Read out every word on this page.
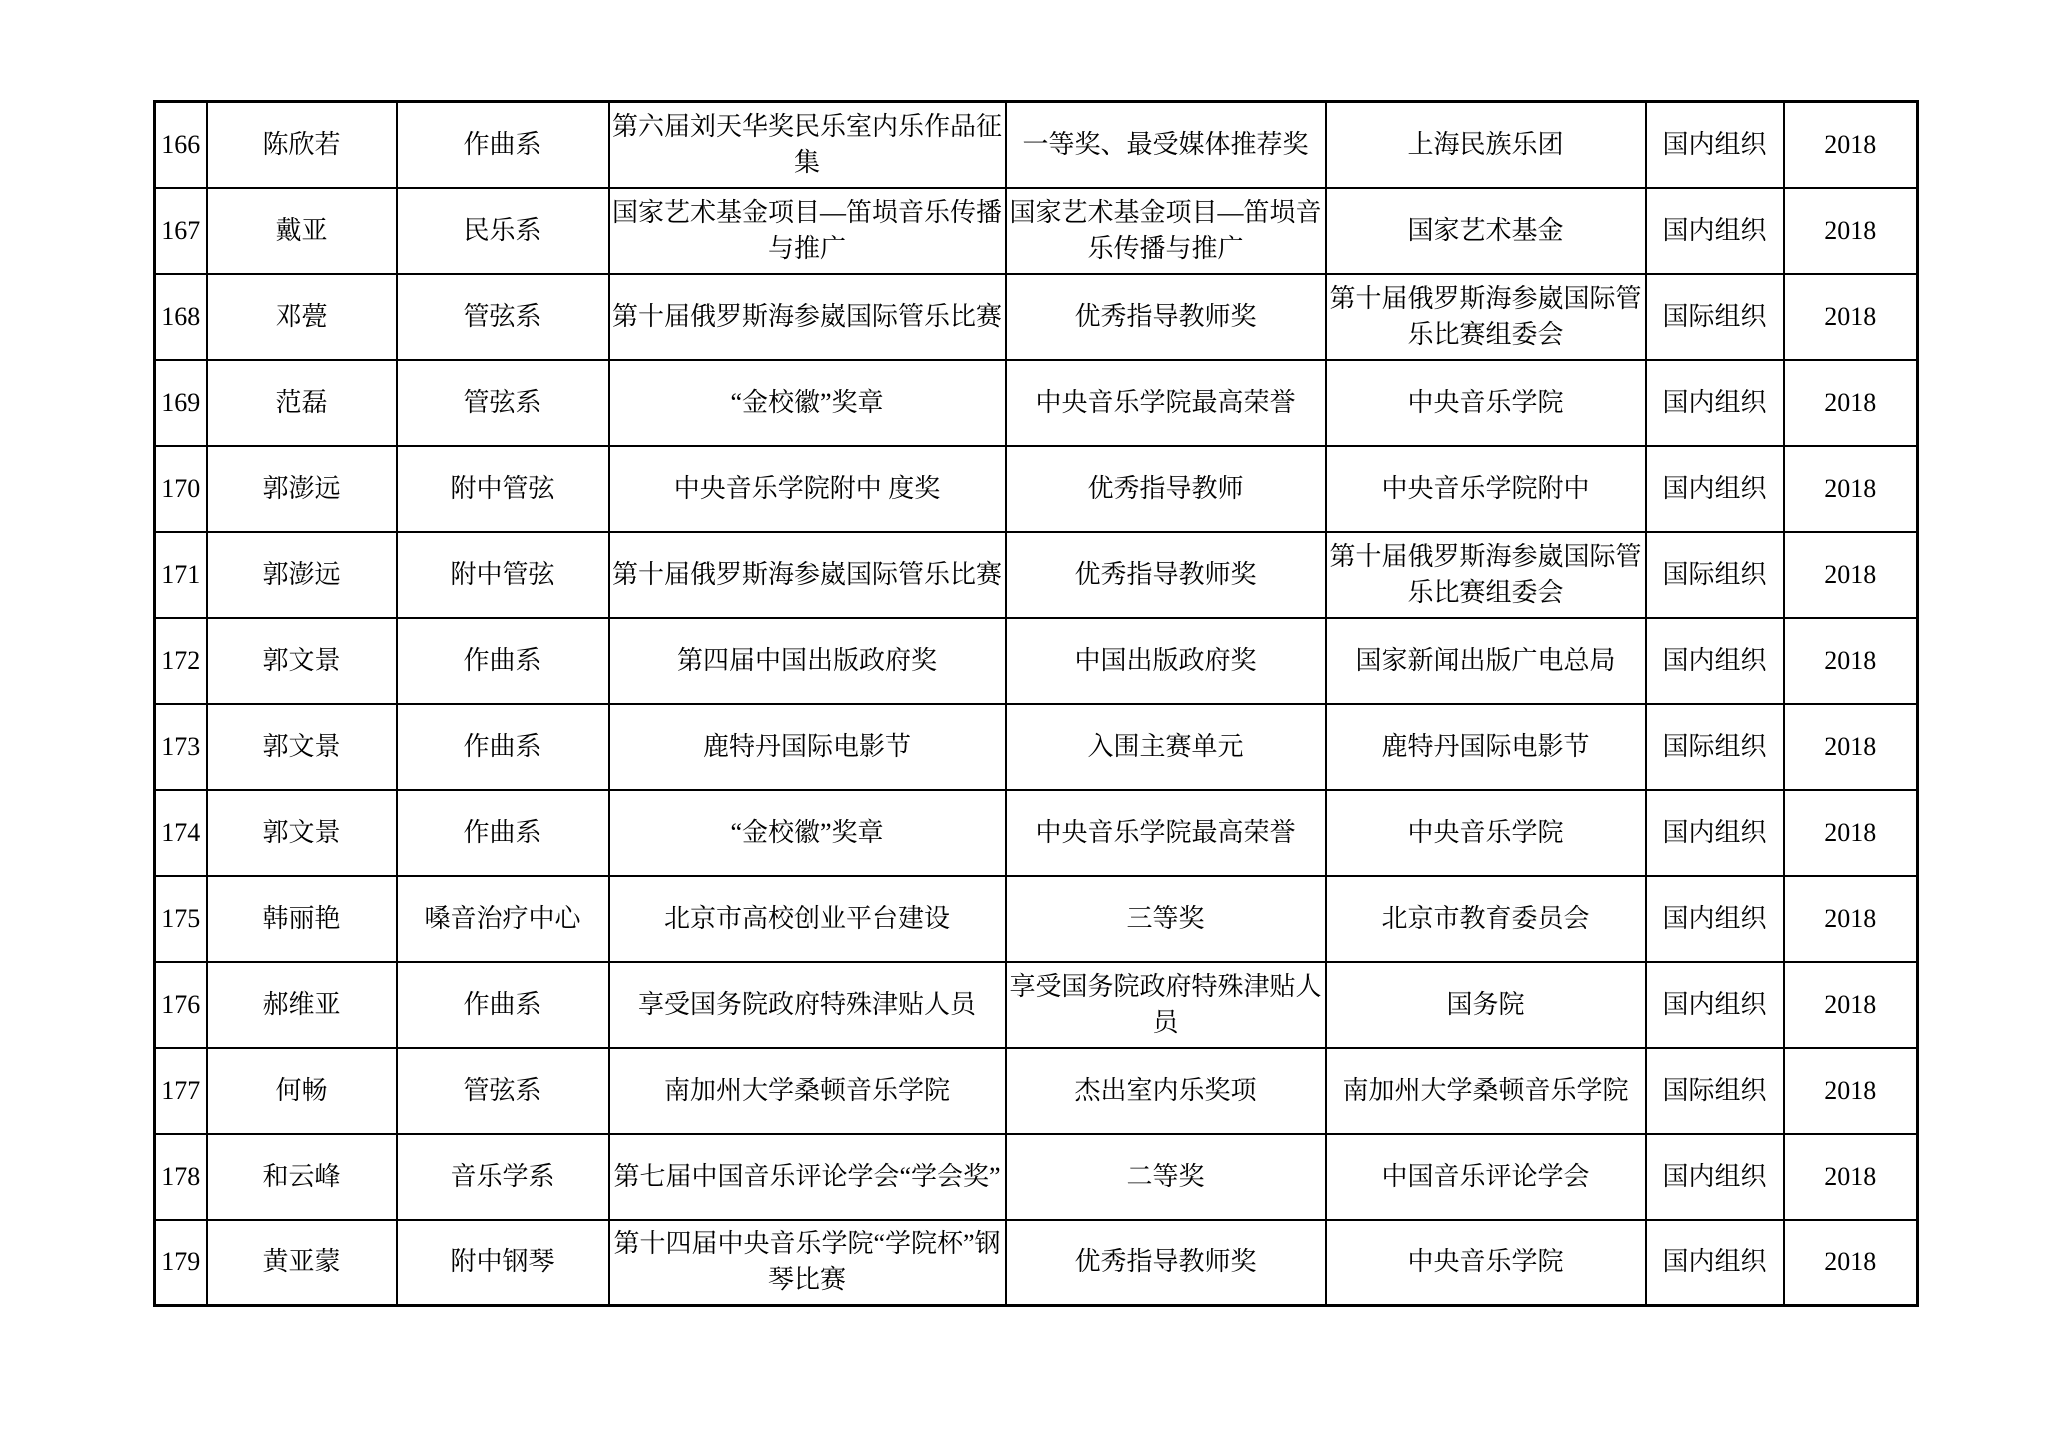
166	陈欣若	作曲系	第六届刘天华奖民乐室内乐作品征集	一等奖、最受媒体推荐奖	上海民族乐团	国内组织	2018
167	戴亚	民乐系	国家艺术基金项目—笛埙音乐传播与推广	国家艺术基金项目—笛埙音乐传播与推广	国家艺术基金	国内组织	2018
168	邓甍	管弦系	第十届俄罗斯海参崴国际管乐比赛	优秀指导教师奖	第十届俄罗斯海参崴国际管乐比赛组委会	国际组织	2018
169	范磊	管弦系	“金校徽”奖章	中央音乐学院最高荣誉	中央音乐学院	国内组织	2018
170	郭澎远	附中管弦	中央音乐学院附中 度奖	优秀指导教师	中央音乐学院附中	国内组织	2018
171	郭澎远	附中管弦	第十届俄罗斯海参崴国际管乐比赛	优秀指导教师奖	第十届俄罗斯海参崴国际管乐比赛组委会	国际组织	2018
172	郭文景	作曲系	第四届中国出版政府奖	中国出版政府奖	国家新闻出版广电总局	国内组织	2018
173	郭文景	作曲系	鹿特丹国际电影节	入围主赛单元	鹿特丹国际电影节	国际组织	2018
174	郭文景	作曲系	“金校徽”奖章	中央音乐学院最高荣誉	中央音乐学院	国内组织	2018
175	韩丽艳	嗓音治疗中心	北京市高校创业平台建设	三等奖	北京市教育委员会	国内组织	2018
176	郝维亚	作曲系	享受国务院政府特殊津贴人员	享受国务院政府特殊津贴人员	国务院	国内组织	2018
177	何畅	管弦系	南加州大学桑顿音乐学院	杰出室内乐奖项	南加州大学桑顿音乐学院	国际组织	2018
178	和云峰	音乐学系	第七届中国音乐评论学会“学会奖”	二等奖	中国音乐评论学会	国内组织	2018
179	黄亚蒙	附中钢琴	第十四届中央音乐学院“学院杯”钢琴比赛	优秀指导教师奖	中央音乐学院	国内组织	2018
